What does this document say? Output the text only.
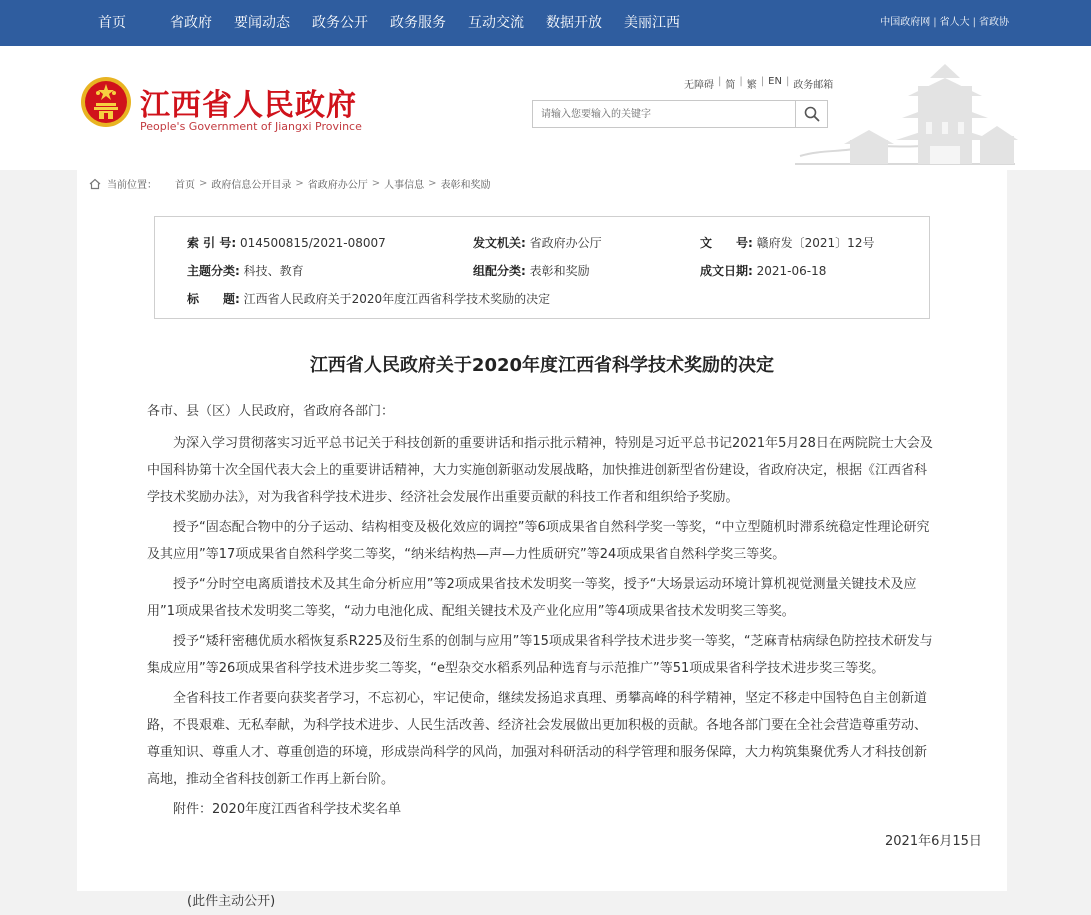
首页	省政府 要闻动态 政务公开 政务服务 互动交流 数据开放 美丽江西	中国政府网 | 省人大 | 省政协
江西省人民政府
People's Government of Jiangxi Province
无障碍 | 简 | 繁 | EN | 政务邮箱
请输入您要输入的关键字
当前位置： 首页 > 政府信息公开目录 > 省政府办公厅 > 人事信息 > 表彰和奖励
索 引 号: 014500815/2021-08007	发文机关: 省政府办公厅	文　　号: 赣府发〔2021〕12号
主题分类: 科技、教育	组配分类: 表彰和奖励	成文日期: 2021-06-18
标　　题: 江西省人民政府关于2020年度江西省科学技术奖励的决定
江西省人民政府关于2020年度江西省科学技术奖励的决定

各市、县（区）人民政府，省政府各部门：

为深入学习贯彻落实习近平总书记关于科技创新的重要讲话和指示批示精神，特别是习近平总书记2021年5月28日在两院院士大会及中国科协第十次全国代表大会上的重要讲话精神，大力实施创新驱动发展战略，加快推进创新型省份建设，省政府决定，根据《江西省科学技术奖励办法》，对为我省科学技术进步、经济社会发展作出重要贡献的科技工作者和组织给予奖励。

授予“固态配合物中的分子运动、结构相变及极化效应的调控”等6项成果省自然科学奖一等奖，“中立型随机时滞系统稳定性理论研究及其应用”等17项成果省自然科学奖二等奖，“纳米结构热—声—力性质研究”等24项成果省自然科学奖三等奖。

授予“分时空电离质谱技术及其生命分析应用”等2项成果省技术发明奖一等奖，授予“大场景运动环境计算机视觉测量关键技术及应用”1项成果省技术发明奖二等奖，“动力电池化成、配组关键技术及产业化应用”等4项成果省技术发明奖三等奖。

授予“矮秆密穗优质水稻恢复系R225及衍生系的创制与应用”等15项成果省科学技术进步奖一等奖，“芝麻青枯病绿色防控技术研发与集成应用”等26项成果省科学技术进步奖二等奖，“e型杂交水稻系列品种选育与示范推广”等51项成果省科学技术进步奖三等奖。

全省科技工作者要向获奖者学习，不忘初心，牢记使命，继续发扬追求真理、勇攀高峰的科学精神，坚定不移走中国特色自主创新道路，不畏艰难、无私奉献，为科学技术进步、人民生活改善、经济社会发展做出更加积极的贡献。各地各部门要在全社会营造尊重劳动、尊重知识、尊重人才、尊重创造的环境，形成崇尚科学的风尚，加强对科研活动的科学管理和服务保障，大力构筑集聚优秀人才科技创新高地，推动全省科技创新工作再上新台阶。

附件：2020年度江西省科学技术奖名单

2021年6月15日
(此件主动公开)
